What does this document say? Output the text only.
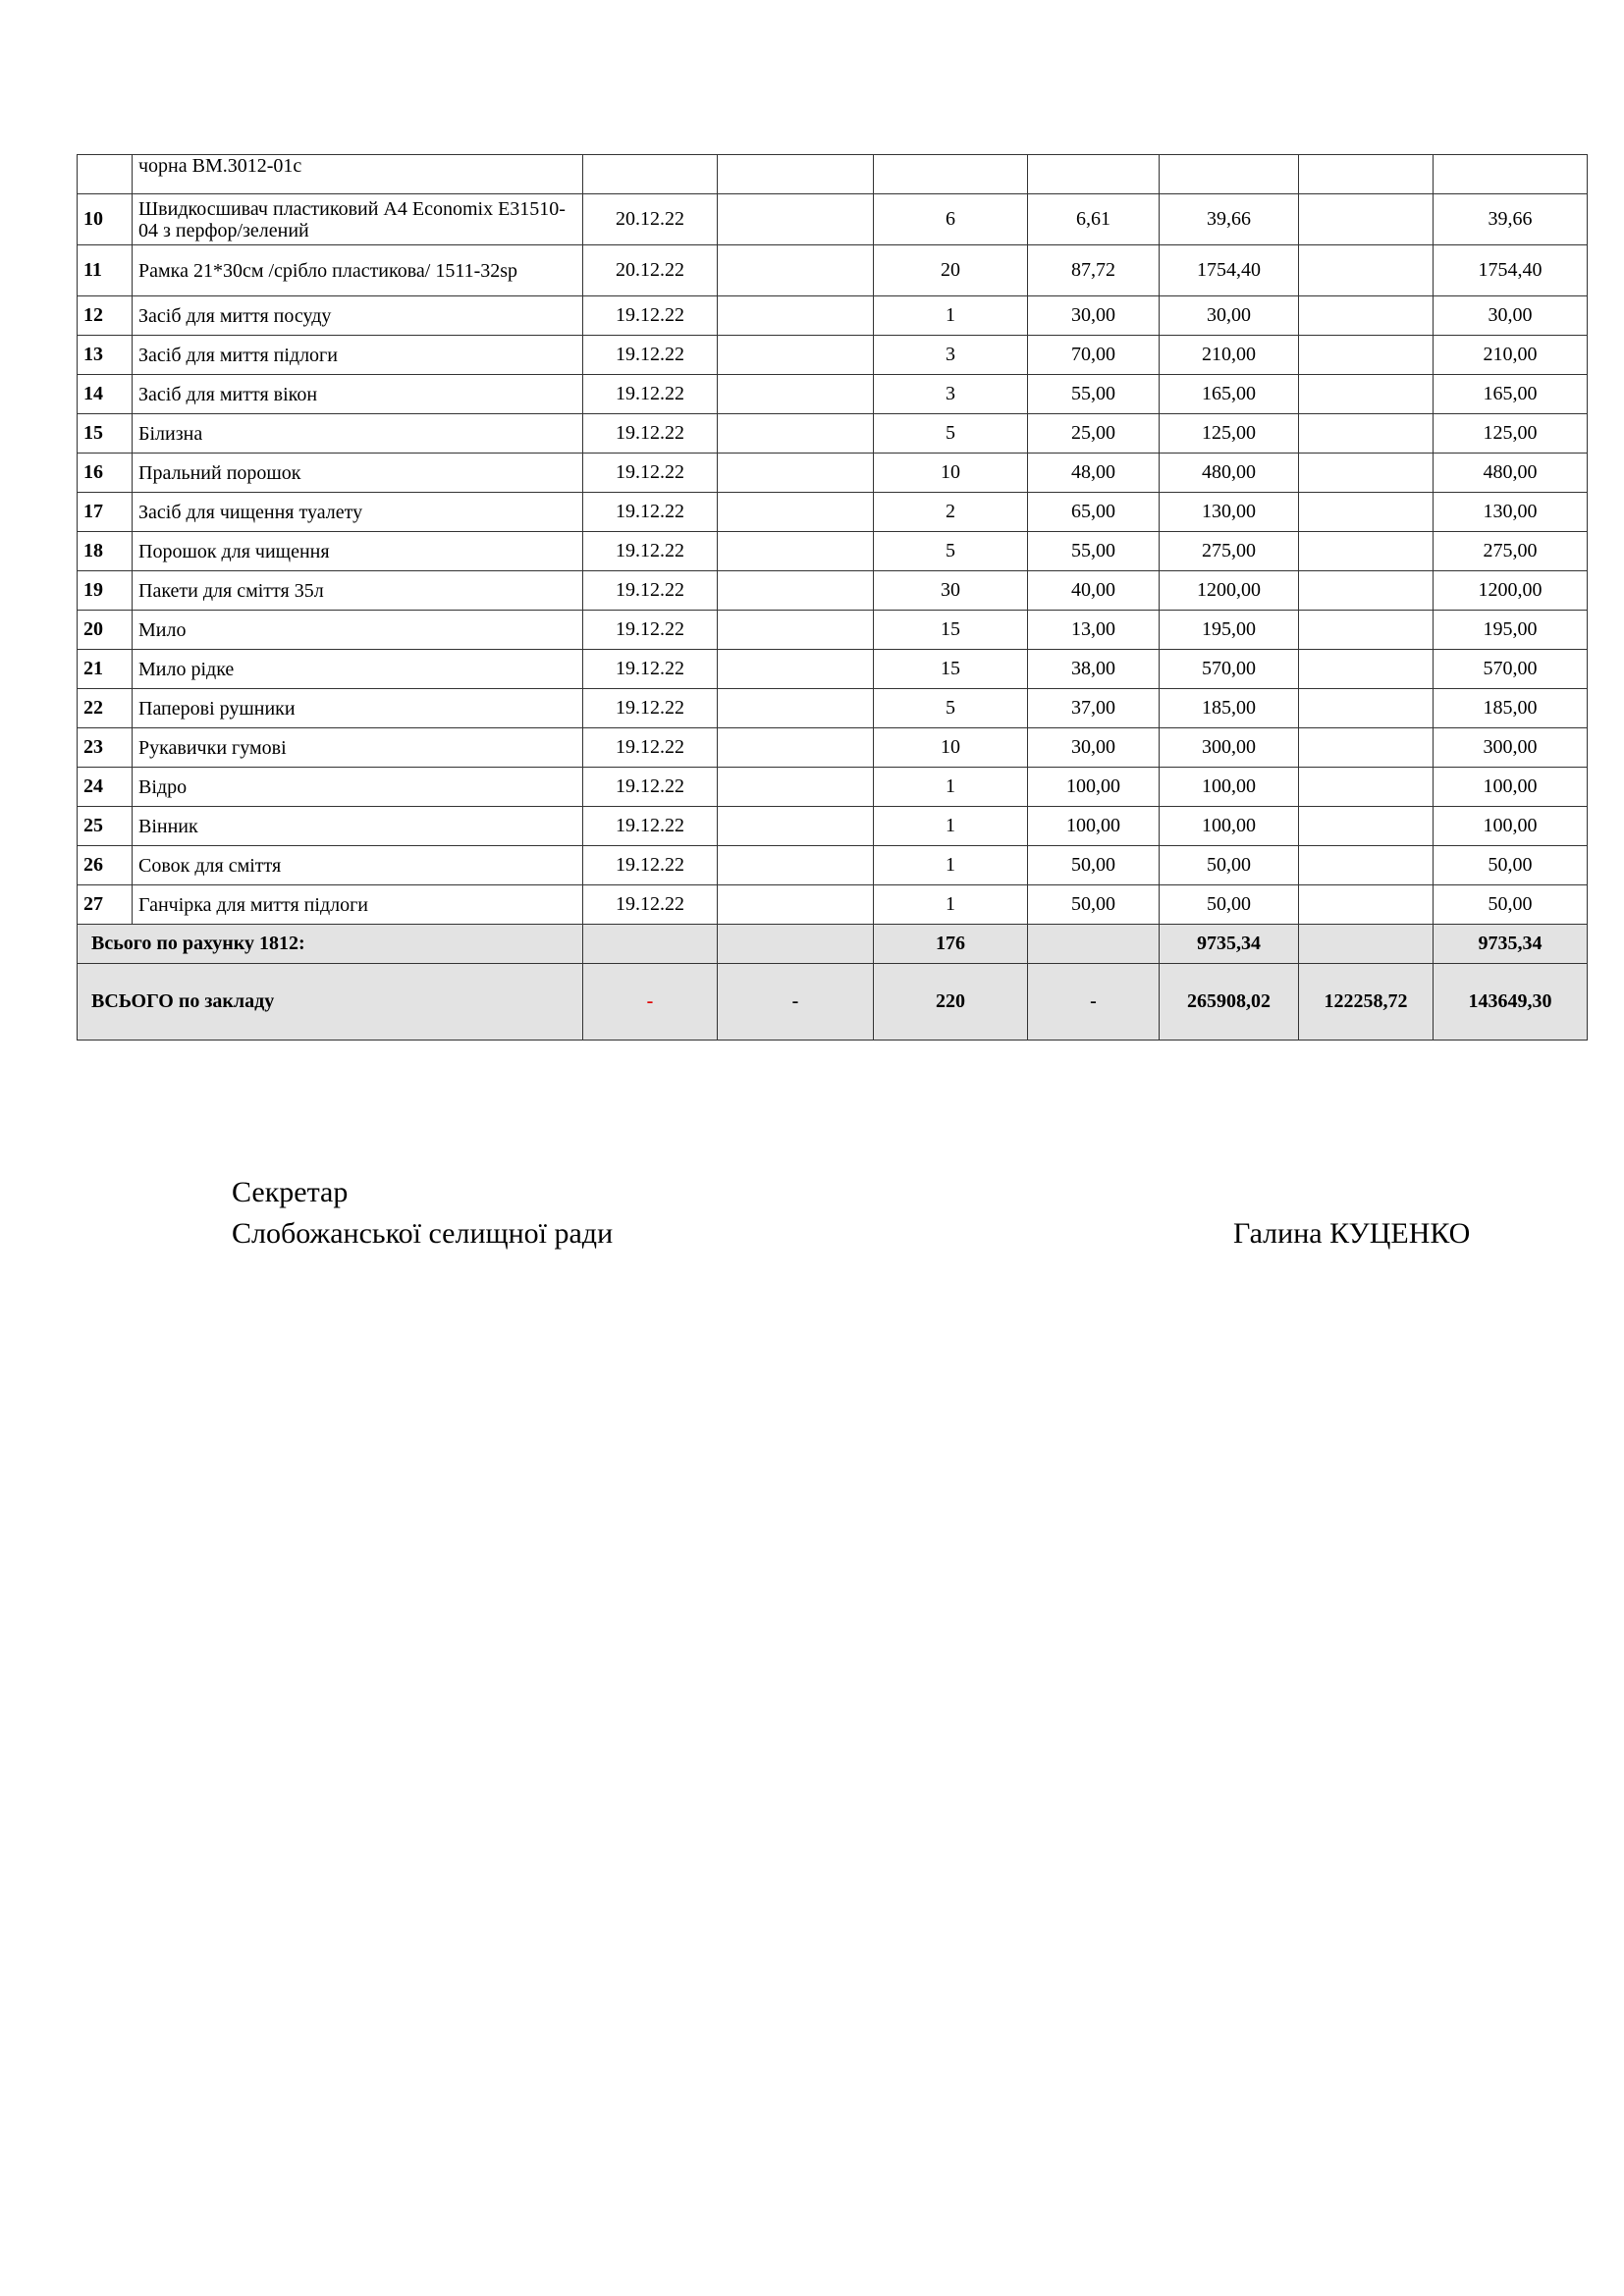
	чорна ВМ.3012-01с							
10	Швидкосшивач пластиковий А4 Economix Е31510-04 з перфор/зелений	20.12.22		6	6,61	39,66		39,66
11	Рамка 21*30см /срібло пластикова/ 1511-32sp	20.12.22		20	87,72	1754,40		1754,40
12	Засіб для миття посуду	19.12.22		1	30,00	30,00		30,00
13	Засіб для миття підлоги	19.12.22		3	70,00	210,00		210,00
14	Засіб для миття вікон	19.12.22		3	55,00	165,00		165,00
15	Білизна	19.12.22		5	25,00	125,00		125,00
16	Пральний порошок	19.12.22		10	48,00	480,00		480,00
17	Засіб для чищення туалету	19.12.22		2	65,00	130,00		130,00
18	Порошок для чищення	19.12.22		5	55,00	275,00		275,00
19	Пакети для сміття 35л	19.12.22		30	40,00	1200,00		1200,00
20	Мило	19.12.22		15	13,00	195,00		195,00
21	Мило рідке	19.12.22		15	38,00	570,00		570,00
22	Паперові рушники	19.12.22		5	37,00	185,00		185,00
23	Рукавички гумові	19.12.22		10	30,00	300,00		300,00
24	Відро	19.12.22		1	100,00	100,00		100,00
25	Вінник	19.12.22		1	100,00	100,00		100,00
26	Совок для сміття	19.12.22		1	50,00	50,00		50,00
27	Ганчірка для миття підлоги	19.12.22		1	50,00	50,00		50,00
Всього по рахунку 1812:				176		9735,34		9735,34
ВСЬОГО по закладу		-	-	220	-	265908,02	122258,72	143649,30
Секретар
Слобожанської селищної ради	Галина КУЦЕНКО
